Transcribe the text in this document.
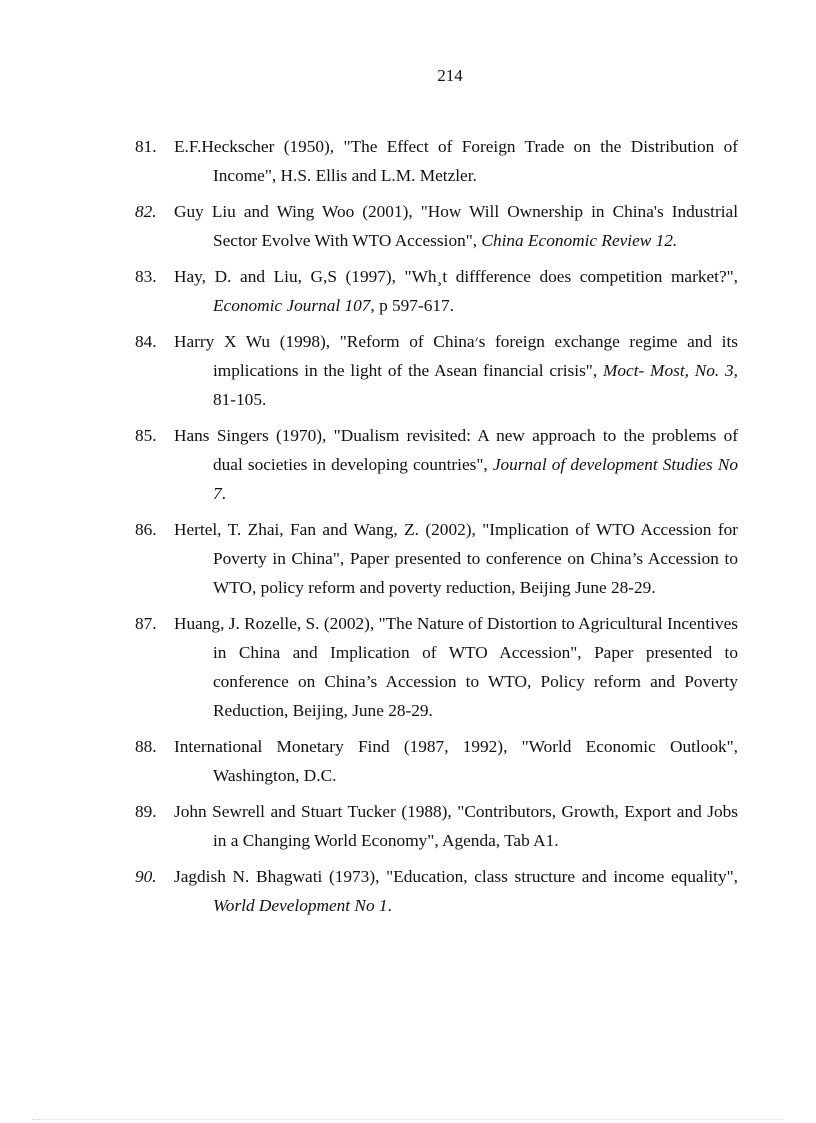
214
81.	E.F.Heckscher (1950), "The Effect of Foreign Trade on the Distribution of Income", H.S. Ellis and L.M. Metzler.
82.	Guy Liu and Wing Woo (2001), "How Will Ownership in China's Industrial Sector Evolve With WTO Accession", China Economic Review 12.
83.	Hay, D. and Liu, G,S (1997), "Wh¸t diffference does competition market?", Economic Journal 107, p 597-617.
84.	Harry X Wu (1998), "Reform of China׳s foreign exchange regime and its implications in the light of the Asean financial crisis", Moct- Most, No. 3, 81-105.
85.	Hans Singers (1970), "Dualism revisited: A new approach to the problems of dual societies in developing countries", Journal of development Studies No 7.
86.	Hertel, T. Zhai, Fan and Wang, Z. (2002), "Implication of WTO Accession for Poverty in China", Paper presented to conference on China’s Accession to WTO, policy reform and poverty reduction, Beijing June 28-29.
87.	Huang, J. Rozelle, S. (2002), "The Nature of Distortion to Agricultural Incentives in China and Implication of WTO Accession", Paper presented to conference on China’s Accession to WTO, Policy reform and Poverty Reduction, Beijing, June 28-29.
88.	International Monetary Find (1987, 1992), "World Economic Outlook", Washington, D.C.
89.	John Sewrell and Stuart Tucker (1988), "Contributors, Growth, Export and Jobs in a Changing World Economy", Agenda, Tab A1.
90.	Jagdish N. Bhagwati (1973), "Education, class structure and income equality", World Development No 1.
